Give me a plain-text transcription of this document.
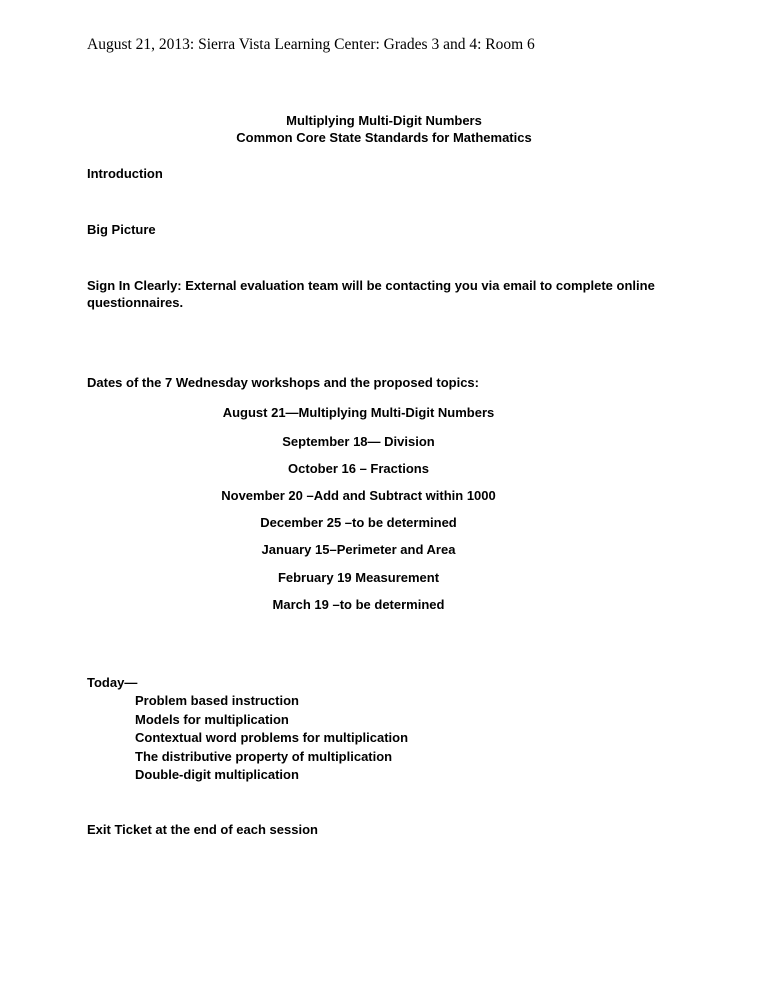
August 21, 2013: Sierra Vista Learning Center: Grades 3 and 4: Room 6
Multiplying Multi-Digit Numbers
Common Core State Standards for Mathematics
Introduction
Big Picture
Sign In Clearly: External evaluation team will be contacting you via email to complete online
questionnaires.
Dates of the 7 Wednesday workshops and the proposed topics:
August 21—Multiplying Multi-Digit Numbers
September 18— Division
October 16 – Fractions
November 20 –Add and Subtract within 1000
December 25 –to be determined
January 15–Perimeter and Area
February 19 Measurement
March 19 –to be determined
Today—
Problem based instruction
Models for multiplication
Contextual word problems for multiplication
The distributive property of multiplication
Double-digit multiplication
Exit Ticket at the end of each session
